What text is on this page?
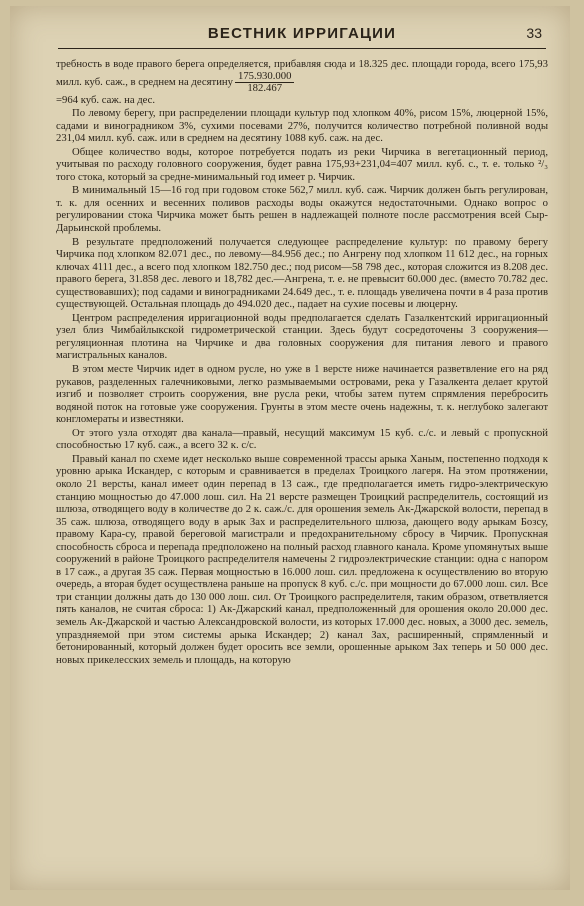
ВЕСТНИК ИРРИГАЦИИ	33

требность в воде правого берега определяется, прибавляя сюда и 18.325 дес. площади города, всего 175,93 милл. куб. саж., в среднем на десятину $\frac{175.930.000}{182.467}$

=964 куб. саж. на дес.

По левому берегу, при распределении площади культур под хлопком 40%, рисом 15%, люцерной 15%, садами и виноградником 3%, сухими посевами 27%, получится количество потребной поливной воды 231,04 милл. куб. саж. или в среднем на десятину 1088 куб. саж. на дес.

Общее количество воды, которое потребуется подать из реки Чирчика в вегетационный период, учитывая по расходу головного сооружения, будет равна 175,93+231,04=407 милл. куб. с., т. е. только ²/₃ того стока, который за средне-минимальный год имеет р. Чирчик.

В минимальный 15—16 год при годовом стоке 562,7 милл. куб. саж. Чирчик должен быть регулирован, т. к. для осенних и весенних поливов расходы воды окажутся недостаточными. Однако вопрос о регулировании стока Чирчика может быть решен в надлежащей полноте после рассмотрения всей Сыр-Дарьинской проблемы.

В результате предположений получается следующее распределение культур: по правому берегу Чирчика под хлопком 82.071 дес., по левому—84.956 дес.; по Ангрену под хлопком 11 612 дес., на горных ключах 4111 дес., а всего под хлопком 182.750 дес.; под рисом—58 798 дес., которая сложится из 8.208 дес. правого берега, 31.858 дес. левого и 18,782 дес.—Ангрена, т. е. не превысит 60.000 дес. (вместо 70.782 дес. существовавших); под садами и виноградниками 24.649 дес., т. е. площадь увеличена почти в 4 раза против существующей. Остальная площадь до 494.020 дес., падает на сухие посевы и люцерну.

Центром распределения ирригационной воды предполагается сделать Газалкентский ирригационный узел близ Чимбайлыкской гидрометрической станции. Здесь будут сосредоточены 3 сооружения—регуляционная плотина на Чирчике и два головных сооружения для питания левого и правого магистральных каналов.

В этом месте Чирчик идет в одном русле, но уже в 1 версте ниже начинается разветвление его на ряд рукавов, разделенных галечниковыми, легко размываемыми островами, река у Газалкента делает крутой изгиб и позволяет строить сооружения, вне русла реки, чтобы затем путем спрямления перебросить водяной поток на готовые уже сооружения. Грунты в этом месте очень надежны, т. к. неглубоко залегают конгломераты и известняки.

От этого узла отходят два канала—правый, несущий максимум 15 куб. с./с. и левый с пропускной способностью 17 куб. саж., а всего 32 к. с/с.

Правый канал по схеме идет несколько выше современной трассы арыка Ханым, постепенно подходя к уровню арыка Искандер, с которым и сравнивается в пределах Троицкого лагеря. На этом протяжении, около 21 версты, канал имеет один перепад в 13 саж., где предполагается иметь гидро-электрическую станцию мощностью до 47.000 лош. сил. На 21 версте размещен Троицкий распределитель, состоящий из шлюза, отводящего воду в количестве до 2 к. саж./с. для орошения земель Ак-Джарской волости, перепад в 35 саж. шлюза, отводящего воду в арык Зах и распределительного шлюза, дающего воду арыкам Бозсу, правому Кара-су, правой береговой магистрали и предохранительному сбросу в Чирчик. Пропускная способность сброса и перепада предположено на полный расход главного канала. Кроме упомянутых выше сооружений в районе Троицкого распределителя намечены 2 гидроэлектрические станции: одна с напором в 17 саж., а другая 35 саж. Первая мощностью в 16.000 лош. сил. предложена к осуществлению во вторую очередь, а вторая будет осуществлена раньше на пропуск 8 куб. с./с. при мощности до 67.000 лош. сил. Все три станции должны дать до 130 000 лош. сил. От Троицкого распределителя, таким образом, ответвляется пять каналов, не считая сброса: 1) Ак-Джарский канал, предположенный для орошения около 20.000 дес. земель Ак-Джарской и частью Александровской волости, из которых 17.000 дес. новых, а 3000 дес. земель, упраздняемой при этом системы арыка Искандер; 2) канал Зах, расширенный, спрямленный и бетонированный, который должен будет оросить все земли, орошенные арыком Зах теперь и 50 000 дес. новых прикелесских земель и площадь, на которую
